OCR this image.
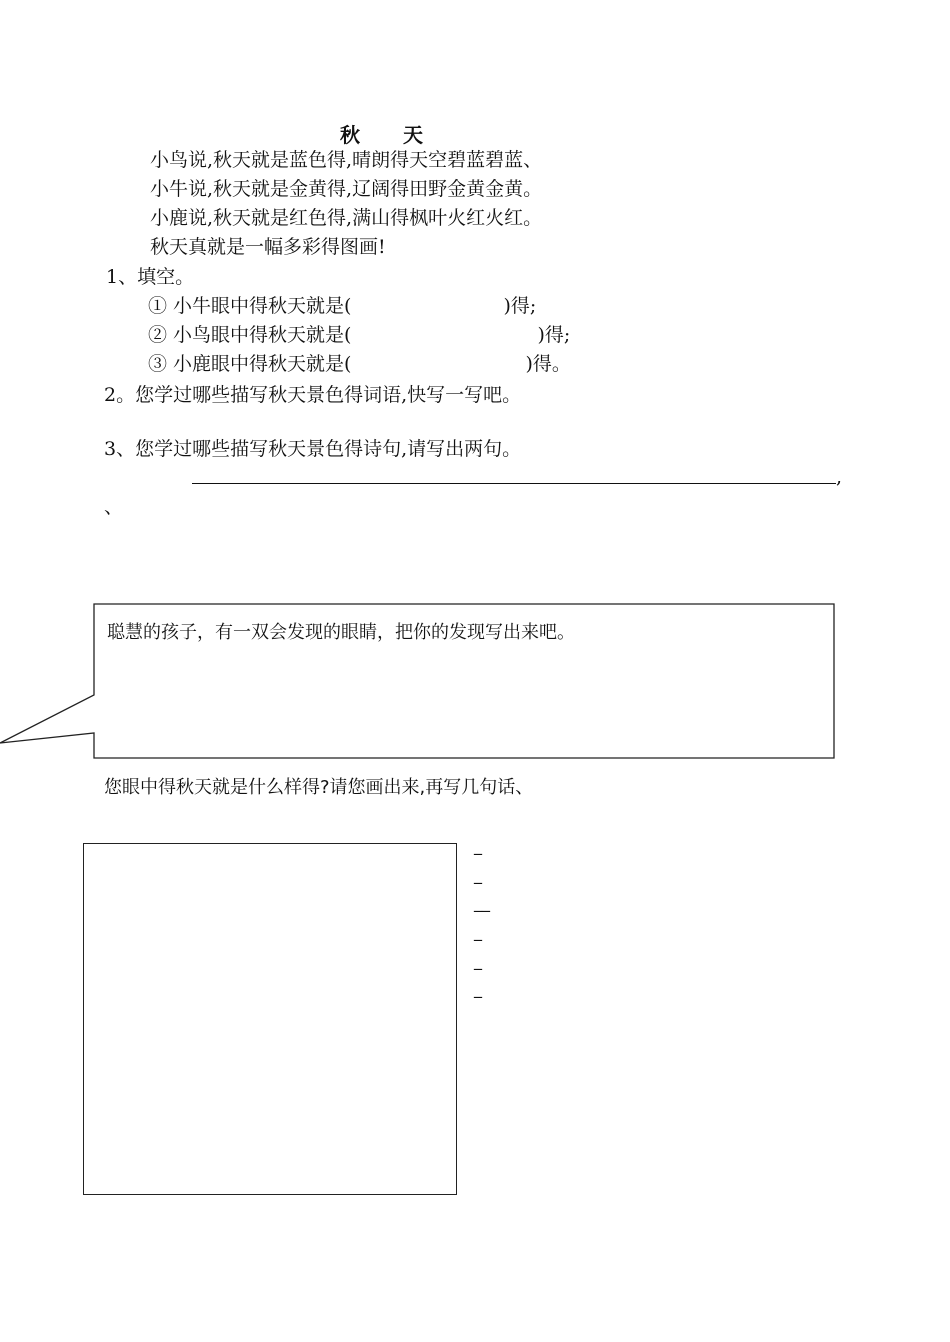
秋 天
小鸟说,秋天就是蓝色得,晴朗得天空碧蓝碧蓝、
小牛说,秋天就是金黄得,辽阔得田野金黄金黄。
小鹿说,秋天就是红色得,满山得枫叶火红火红。
秋天真就是一幅多彩得图画!
1、填空。
① 小牛眼中得秋天就是(	)得;
② 小鸟眼中得秋天就是(	)得;
③ 小鹿眼中得秋天就是(	)得。
2。您学过哪些描写秋天景色得词语,快写一写吧。
3、您学过哪些描写秋天景色得诗句,请写出两句。
,
、
聪慧的孩子，有一双会发现的眼睛，把你的发现写出来吧。
您眼中得秋天就是什么样得?请您画出来,再写几句话、
_
_
__
_
_
_
